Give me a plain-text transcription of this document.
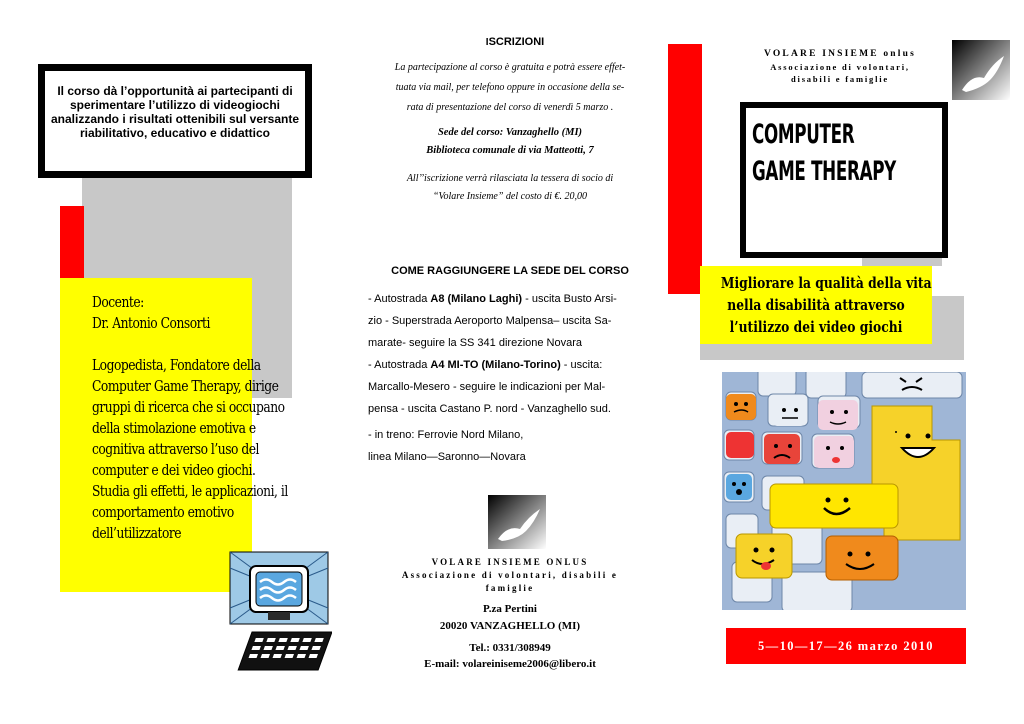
Il corso dà l’opportunità ai partecipanti di sperimentare l’utilizzo di videogiochi analizzando i risultati ottenibili sul versante riabilitativo, educativo e didattico
Docente:
Dr. Antonio Consorti

Logopedista, Fondatore della
Computer Game Therapy, dirige
gruppi di ricerca che si occupano
della stimolazione emotiva e
cognitiva attraverso l’uso del
computer e dei video giochi.
Studia gli effetti, le applicazioni, il
comportamento emotivo
dell’utilizzatore
ISCRIZIONI
La partecipazione al corso è gratuita e potrà essere effet-
tuata via mail, per telefono oppure in occasione della se-
rata di presentazione del corso di venerdì 5 marzo .
Sede del corso: Vanzaghello (MI)
Biblioteca comunale di via Matteotti, 7
All’’iscrizione verrà rilasciata la tessera di socio di
“Volare Insieme” del costo di €. 20,00
COME RAGGIUNGERE LA SEDE DEL CORSO

- Autostrada A8 (Milano Laghi) - uscita Busto Arsi-

zio - Superstrada Aeroporto Malpensa– uscita Sa-

marate- seguire la SS 341 direzione Novara

- Autostrada A4 MI-TO (Milano-Torino) - uscita:

Marcallo-Mesero - seguire le indicazioni per Mal-

pensa - uscita Castano P. nord - Vanzaghello sud.

- in treno: Ferrovie Nord Milano,

linea Milano—Saronno—Novara

VOLARE INSIEME ONLUS
Associazione di volontari, disabili e
famiglie
P.za Pertini
20020 VANZAGHELLO (MI)
Tel.: 0331/308949
E-mail: volareiniseme2006@libero.it
VOLARE INSIEME onlus
Associazione di volontari,
disabili e famiglie
COMPUTER
GAME THERAPY
Migliorare la qualità della vita
nella disabilità attraverso
l’utilizzo dei video giochi
5—10—17—26 marzo 2010
